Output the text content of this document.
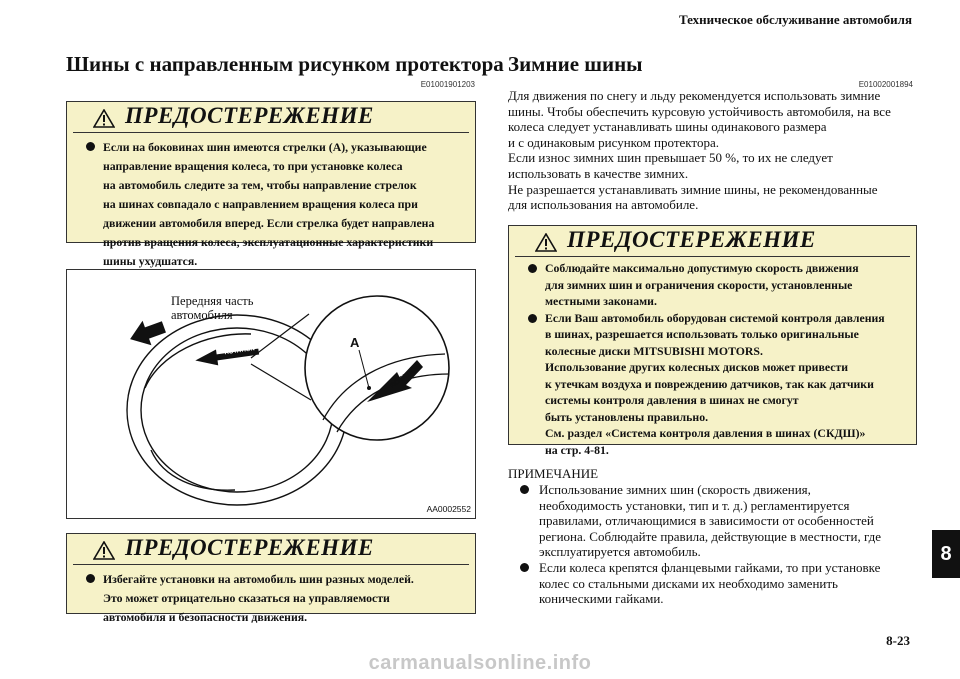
Техническое обслуживание автомобиля
Шины с направленным рисунком протектора
E01001901203
ПРЕДОСТЕРЕЖЕНИЕ
Если на боковинах шин имеются стрелки (A), указывающие
направление вращения колеса, то при установке колеса
на автомобиль следите за тем, чтобы направление стрелок
на шинах совпадало с направлением вращения колеса при
движении автомобиля вперед. Если стрелка будет направлена
против вращения колеса, эксплуатационные характеристики
шины ухудшатся.
ROTATION
ROTATION
A
Передняя часть
автомобиля
AA0002552
ПРЕДОСТЕРЕЖЕНИЕ
Избегайте установки на автомобиль шин разных моделей.
Это может отрицательно сказаться на управляемости
автомобиля и безопасности движения.
Зимние шины
E01002001894
Для движения по снегу и льду рекомендуется использовать зимние
шины. Чтобы обеспечить курсовую устойчивость автомобиля, на все
колеса следует устанавливать шины одинакового размера
и с одинаковым рисунком протектора.
Если износ зимних шин превышает 50 %, то их не следует
использовать в качестве зимних.
Не разрешается устанавливать зимние шины, не рекомендованные
для использования на автомобиле.
ПРЕДОСТЕРЕЖЕНИЕ
Соблюдайте максимально допустимую скорость движения
для зимних шин и ограничения скорости, установленные
местными законами.
Если Ваш автомобиль оборудован системой контроля давления
в шинах, разрешается использовать только оригинальные
колесные диски MITSUBISHI MOTORS.
Использование других колесных дисков может привести
к утечкам воздуха и повреждению датчиков, так как датчики
системы контроля давления в шинах не смогут
быть установлены правильно.
См. раздел «Система контроля давления в шинах (СКДШ)»
на стр. 4-81.
ПРИМЕЧАНИЕ
Использование зимних шин (скорость движения,
необходимость установки, тип и т. д.) регламентируется
правилами, отличающимися в зависимости от особенностей
региона. Соблюдайте правила, действующие в местности, где
эксплуатируется автомобиль.
Если колеса крепятся фланцевыми гайками, то при установке
колес со стальными дисками их необходимо заменить
коническими гайками.
8
8-23
carmanualsonline.info
